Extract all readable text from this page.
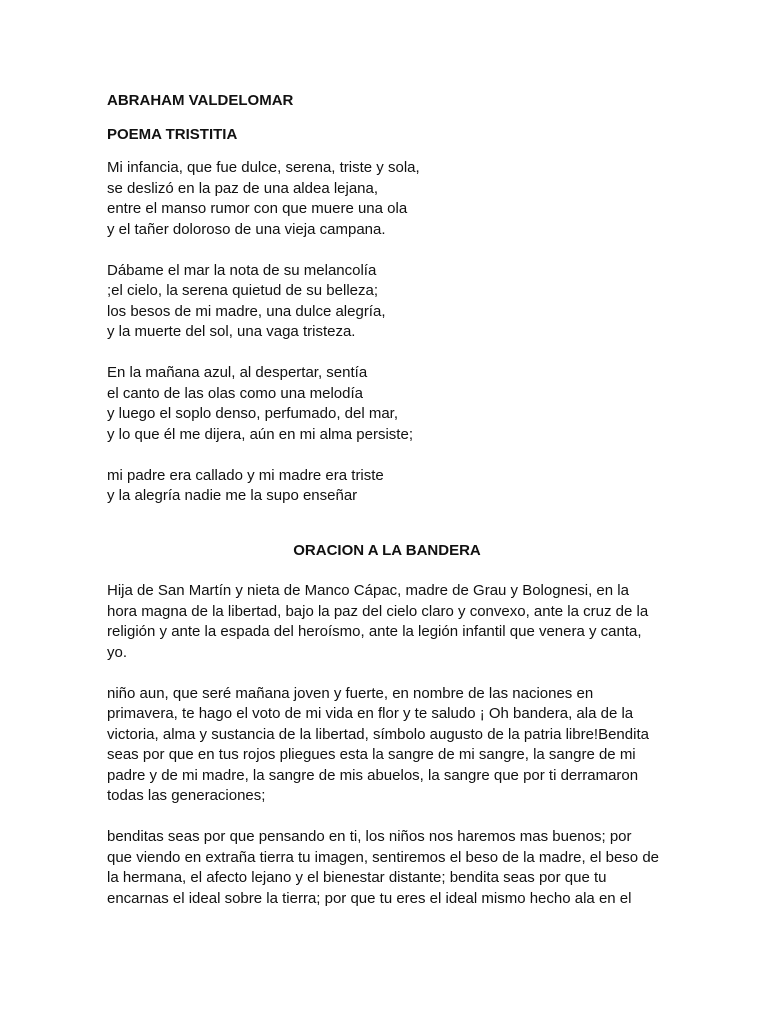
ABRAHAM VALDELOMAR
POEMA TRISTITIA
Mi infancia, que fue dulce, serena, triste y sola,
se deslizó en la paz de una aldea lejana,
entre el manso rumor con que muere una ola
y el tañer doloroso de una vieja campana.
Dábame el mar la nota de su melancolía
;el cielo, la serena quietud de su belleza;
los besos de mi madre, una dulce alegría,
y la muerte del sol, una vaga tristeza.
En la mañana azul, al despertar, sentía
el canto de las olas como una melodía
y luego el soplo denso, perfumado, del mar,
y lo que él me dijera, aún en mi alma persiste;
mi padre era callado y mi madre era triste
y la alegría nadie me la supo enseñar
ORACION A LA BANDERA
Hija de San Martín y nieta de Manco Cápac, madre de Grau y Bolognesi, en la
hora magna de la libertad, bajo la paz del cielo claro y convexo, ante la cruz de la
religión y ante la espada del heroísmo, ante la legión infantil que venera y canta,
yo.
niño aun, que seré mañana joven y fuerte, en nombre de las naciones en
primavera, te hago el voto de mi vida en flor y te saludo ¡ Oh bandera, ala de la
victoria, alma y sustancia de la libertad, símbolo augusto de la patria libre!Bendita
seas por que en tus rojos pliegues esta la sangre de mi sangre, la sangre de mi
padre y de mi madre, la sangre de mis abuelos, la sangre que por ti derramaron
todas las generaciones;
benditas seas por que pensando en ti, los niños nos haremos mas buenos; por
que viendo en extraña tierra tu imagen, sentiremos el beso de la madre, el beso de
la hermana, el afecto lejano y el bienestar distante; bendita seas por que tu
encarnas el ideal sobre la tierra; por que tu eres el ideal mismo hecho ala en el
